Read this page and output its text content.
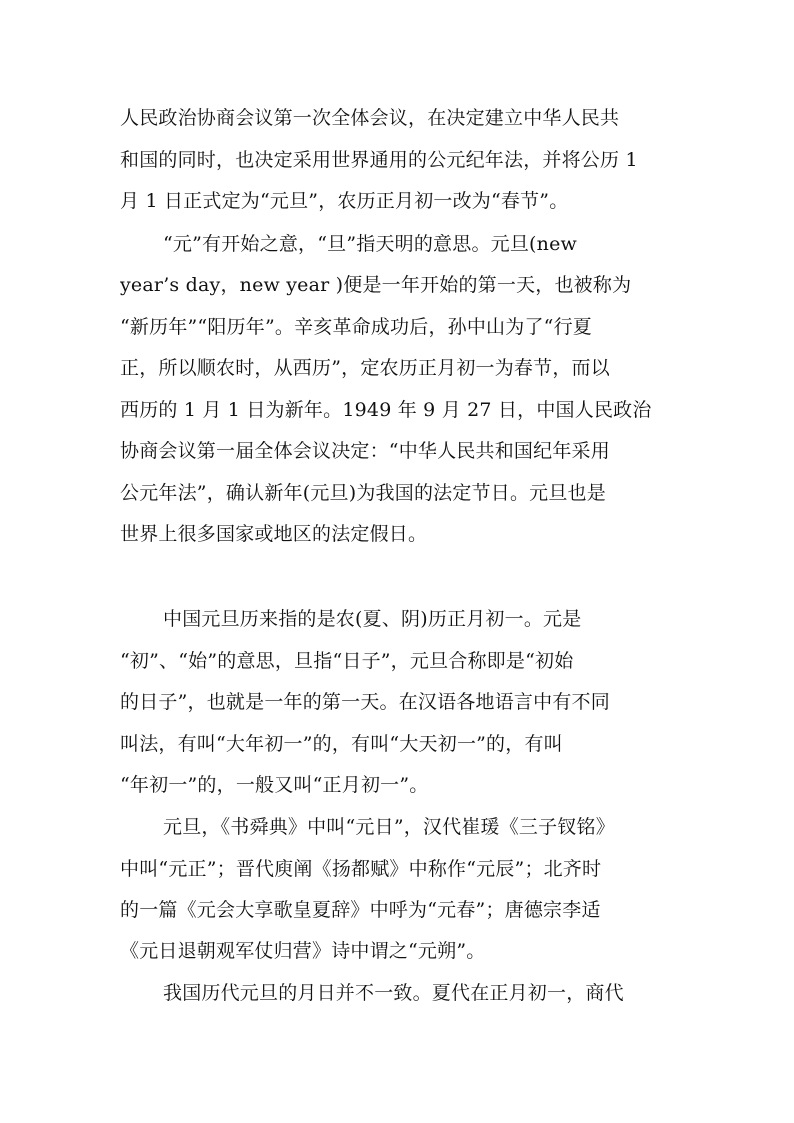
人民政治协商会议第一次全体会议，在决定建立中华人民共
和国的同时，也决定采用世界通用的公元纪年法，并将公历 1
月 1 日正式定为“元旦”，农历正月初一改为“春节”。
“元”有开始之意，“旦”指天明的意思。元旦(new
year’s day，new year )便是一年开始的第一天，也被称为
“新历年”“阳历年”。辛亥革命成功后，孙中山为了“行夏
正，所以顺农时，从西历”，定农历正月初一为春节，而以
西历的 1 月 1 日为新年。1949 年 9 月 27 日，中国人民政治
协商会议第一届全体会议决定：“中华人民共和国纪年采用
公元年法”，确认新年(元旦)为我国的法定节日。元旦也是
世界上很多国家或地区的法定假日。
中国元旦历来指的是农(夏、阴)历正月初一。元是
“初”、“始”的意思，旦指“日子”，元旦合称即是“初始
的日子”，也就是一年的第一天。在汉语各地语言中有不同
叫法，有叫“大年初一”的，有叫“大天初一”的，有叫
“年初一”的，一般又叫“正月初一”。
元旦，《书舜典》中叫“元日”，汉代崔瑗《三子钗铭》
中叫“元正”；晋代庾阐《扬都赋》中称作“元辰”；北齐时
的一篇《元会大享歌皇夏辞》中呼为“元春”；唐德宗李适
《元日退朝观军仗归营》诗中谓之“元朔”。
我国历代元旦的月日并不一致。夏代在正月初一，商代
